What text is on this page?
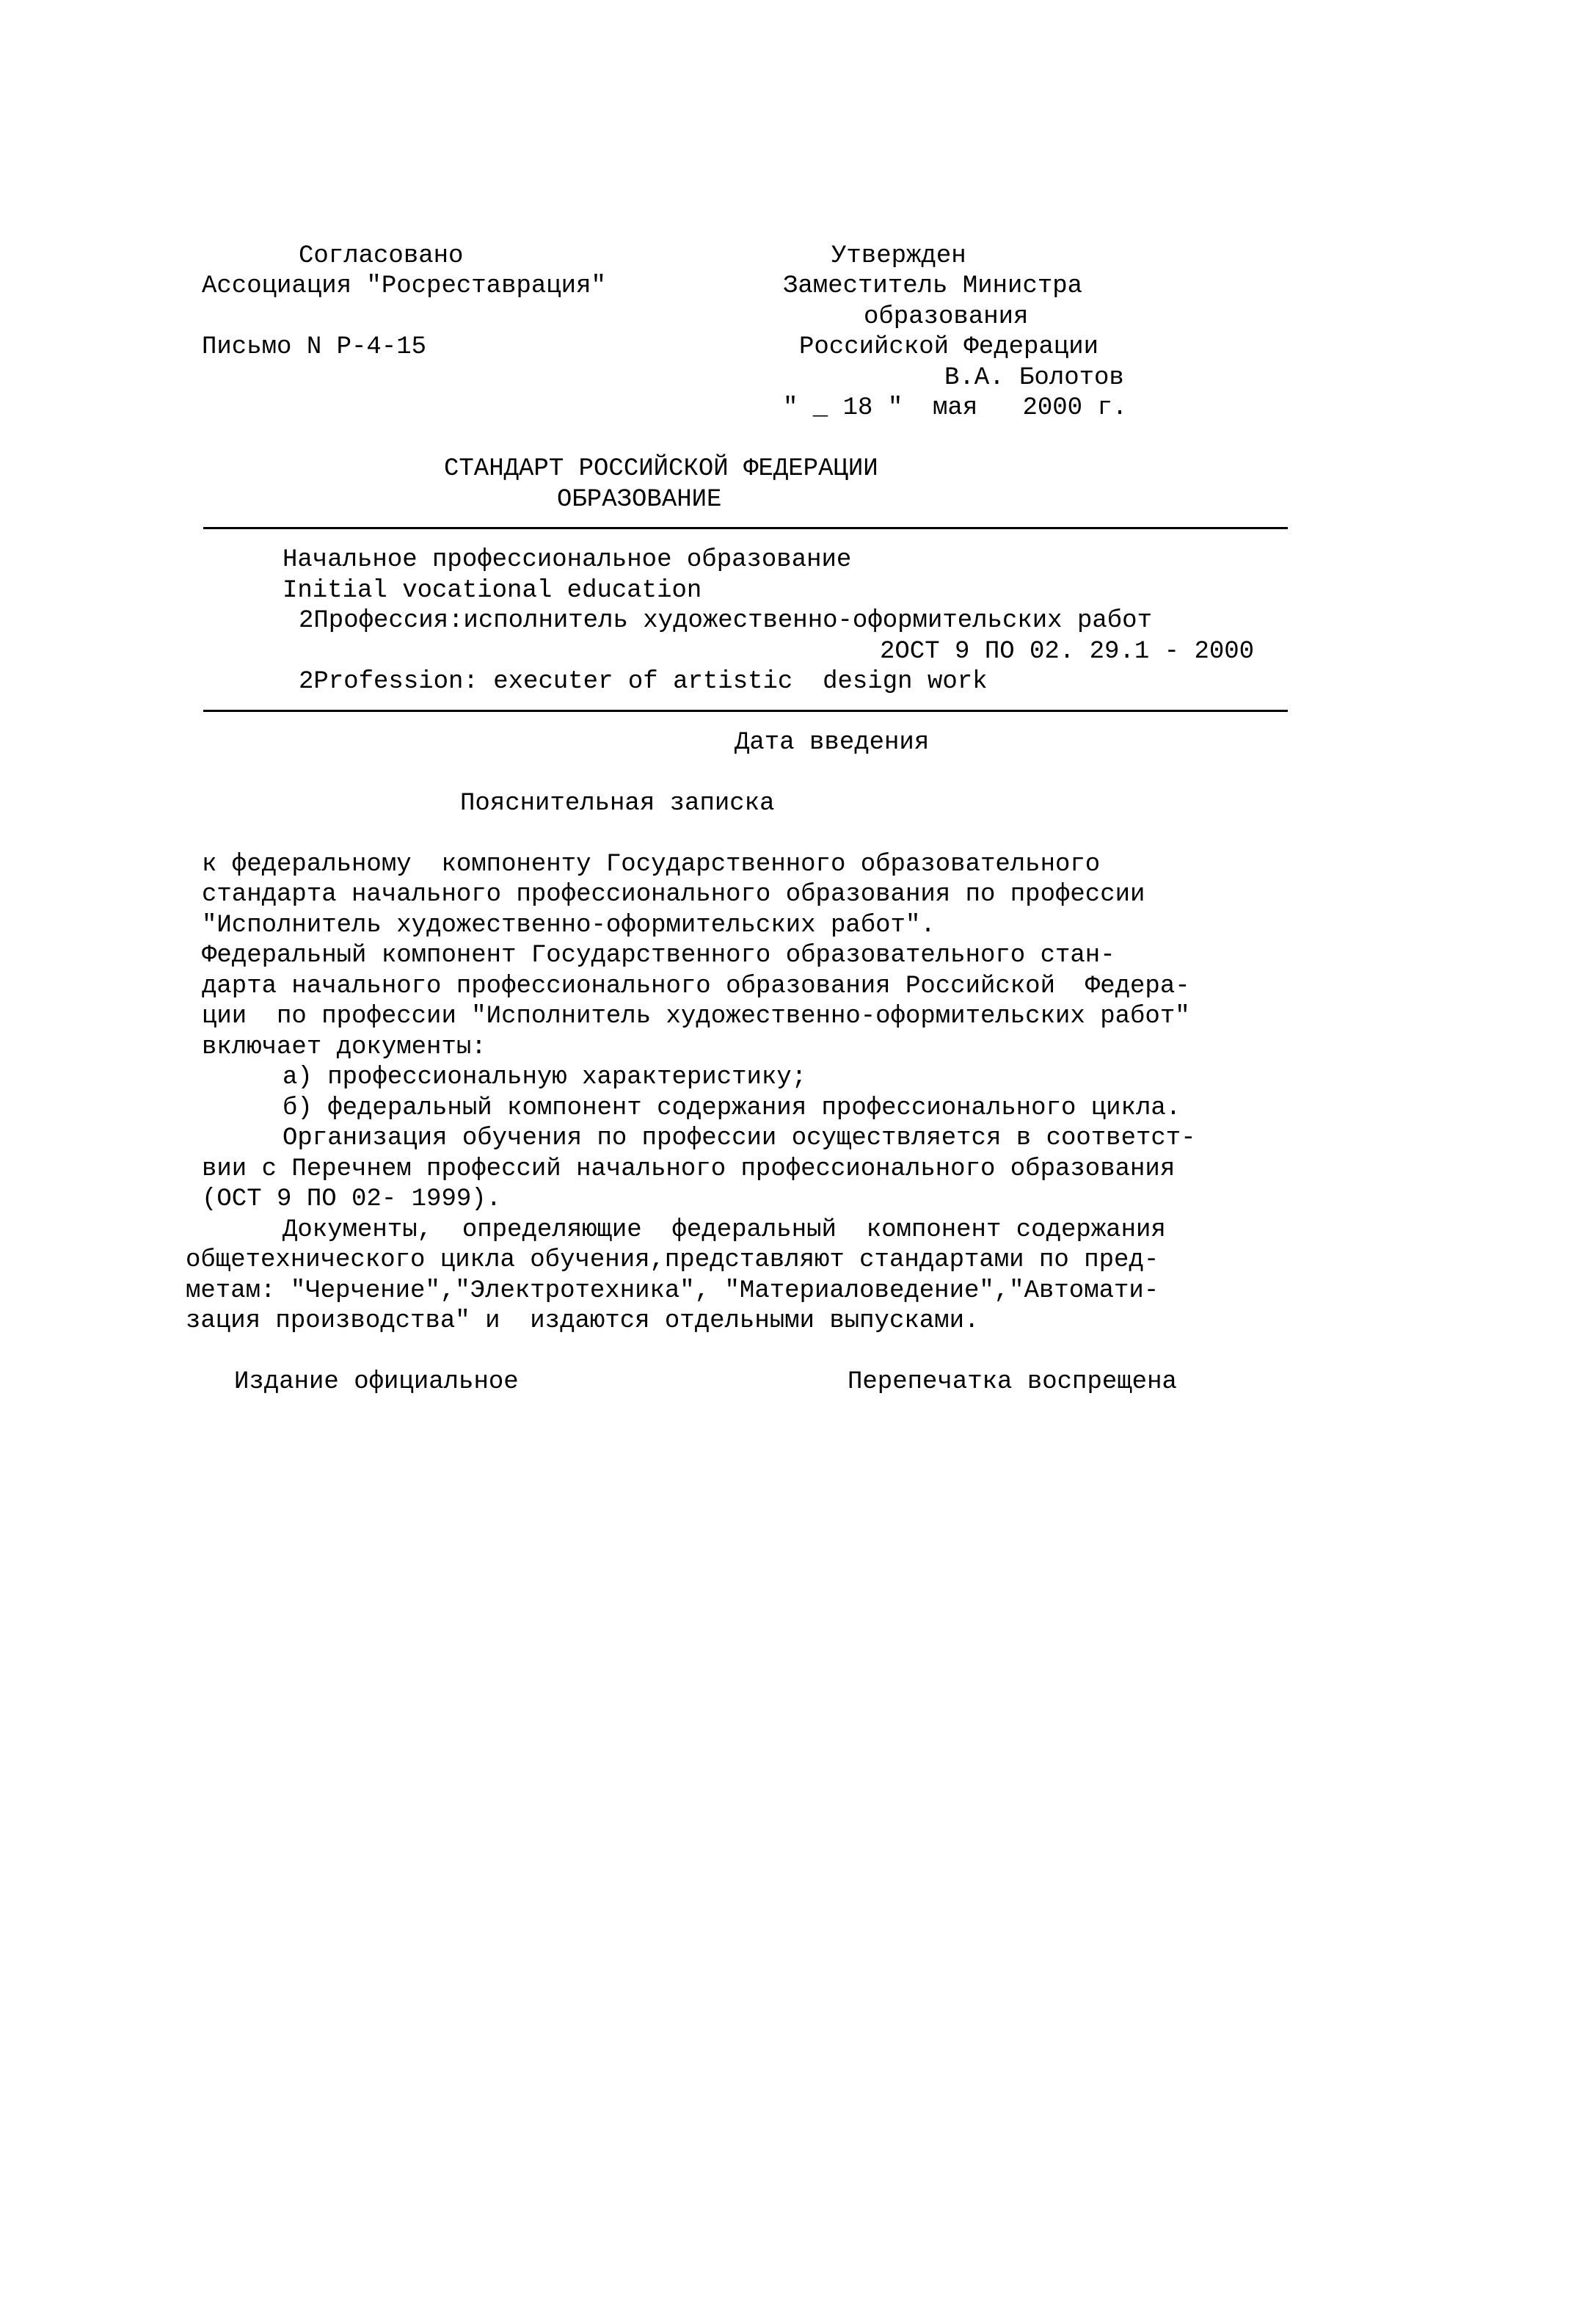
Согласовано

Ассоциация "Росреставрация"

Письмо N Р-4-15

Утвержден

Заместитель Министра

образования

Российской Федерации

В.А. Болотов

" _ 18 "  мая   2000 г.

СТАНДАРТ РОССИЙСКОЙ ФЕДЕРАЦИИ

ОБРАЗОВАНИЕ

Начальное профессиональное образование

Initial vocational education

2Профессия:исполнитель художественно-оформительских работ

2ОСТ 9 ПО 02. 29.1 - 2000

2Profession: executer of artistic  design work

Дата введения

Пояснительная записка

к федеральному  компоненту Государственного образовательного

стандарта начального профессионального образования по профессии

"Исполнитель художественно-оформительских работ".

Федеральный компонент Государственного образовательного стан-

дарта начального профессионального образования Российской  Федера-

ции  по профессии "Исполнитель художественно-оформительских работ"

включает документы:

а) профессиональную характеристику;

б) федеральный компонент содержания профессионального цикла.

Организация обучения по профессии осуществляется в соответст-

вии с Перечнем профессий начального профессионального образования

(ОСТ 9 ПО 02- 1999).

Документы,  определяющие  федеральный  компонент содержания

общетехнического цикла обучения,представляют стандартами по пред-

метам: "Черчение","Электротехника", "Материаловедение","Автомати-

зация производства" и  издаются отдельными выпусками.

Издание официальное	Перепечатка воспрещена
